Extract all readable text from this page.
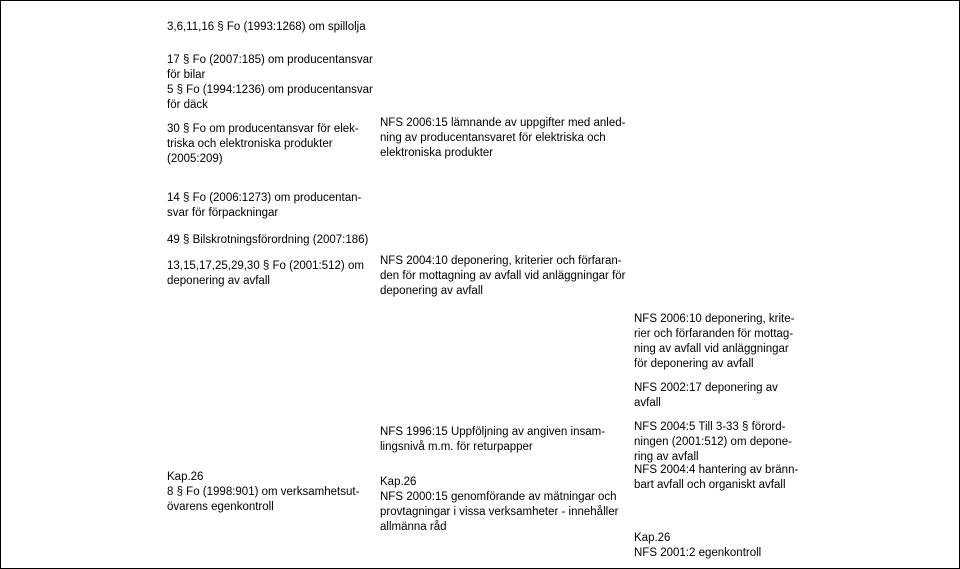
3,6,11,16 § Fo (1993:1268) om spillolja
17 § Fo (2007:185) om producentansvar
för bilar
5 § Fo (1994:1236) om producentansvar
för däck
30 § Fo om producentansvar för elek-
triska och elektroniska produkter
(2005:209)
14 § Fo (2006:1273) om producentan-
svar för förpackningar
49 § Bilskrotningsförordning (2007:186)
13,15,17,25,29,30 § Fo (2001:512) om
deponering av avfall
Kap.26
8 § Fo (1998:901) om verksamhetsut-
övarens egenkontroll
NFS 2006:15 lämnande av uppgifter med anled-
ning av producentansvaret för elektriska och
elektroniska produkter
NFS 2004:10 deponering, kriterier och förfaran-
den för mottagning av avfall vid anläggningar för
deponering av avfall
NFS 1996:15 Uppföljning av angiven insam-
lingsnivå m.m. för returpapper
Kap.26
NFS 2000:15 genomförande av mätningar och
provtagningar i vissa verksamheter - innehåller
allmänna råd
NFS 2006:10 deponering, krite-
rier och förfaranden för mottag-
ning av avfall vid anläggningar
för deponering av avfall
NFS 2002:17 deponering av
avfall
NFS 2004:5 Till 3-33 § förord-
ningen (2001:512) om depone-
ring av avfall
NFS 2004:4 hantering av bränn-
bart avfall och organiskt avfall
Kap.26
NFS 2001:2 egenkontroll
